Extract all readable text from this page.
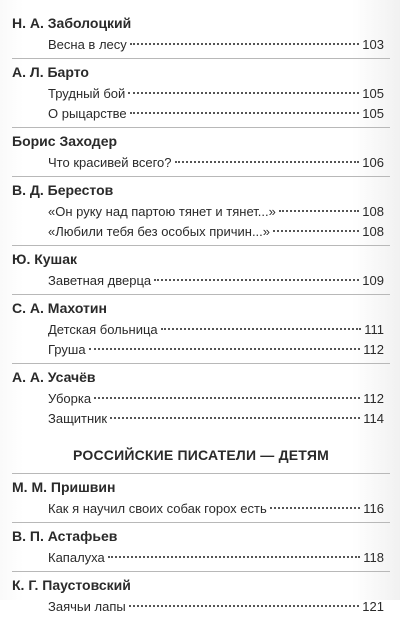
Н. А. Заболоцкий
Весна в лесу	103
А. Л. Барто
Трудный бой	105
О рыцарстве	105
Борис Заходер
Что красивей всего?	106
В. Д. Берестов
«Он руку над партою тянет и тянет...»	108
«Любили тебя без особых причин...»	108
Ю. Кушак
Заветная дверца	109
С. А. Махотин
Детская больница	111
Груша	112
А. А. Усачёв
Уборка	112
Защитник	114
РОССИЙСКИЕ ПИСАТЕЛИ — ДЕТЯМ
М. М. Пришвин
Как я научил своих собак горох есть	116
В. П. Астафьев
Капалуха	118
К. Г. Паустовский
Заячьи лапы	121
